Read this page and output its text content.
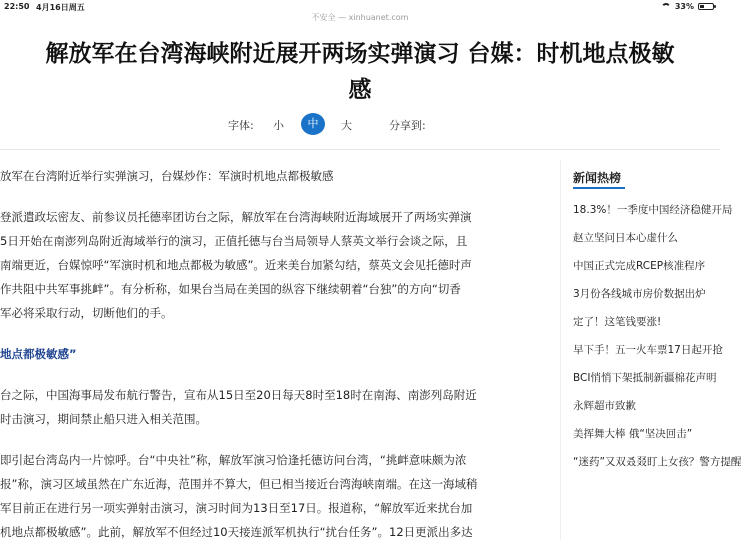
22:50 4月16日周五	33%
不安全 — xinhuanet.com
解放军在台湾海峡附近展开两场实弹演习 台媒：时机地点极敏
感
字体: 小	中	大	分享到:
放军在台湾附近举行实弹演习，台媒炒作：军演时机地点都极敏感
登派遣政坛密友、前参议员托德率团访台之际，解放军在台湾海峡附近海域展开了两场实弹演
5日开始在南澎列岛附近海域举行的演习，正值托德与台当局领导人蔡英文举行会谈之际，且
南端更近，台媒惊呼“军演时机和地点都极为敏感”。近来美台加紧勾结，蔡英文会见托德时声
作共阻中共军事挑衅”。有分析称，如果台当局在美国的纵容下继续朝着“台独”的方向“切香
军必将采取行动，切断他们的手。
地点都极敏感”
台之际，中国海事局发布航行警告，宣布从15日至20日每天8时至18时在南海、南澎列岛附近
时击演习，期间禁止船只进入相关范围。
即引起台湾岛内一片惊呼。台“中央社”称，解放军演习恰逢托德访问台湾，“挑衅意味颇为浓
报”称，演习区域虽然在广东近海，范围并不算大，但已相当接近台湾海峡南端。在这一海域稍
军目前正在进行另一项实弹射击演习，演习时间为13日至17日。报道称，“解放军近来扰台加
机地点都极敏感”。此前，解放军不但经过10天接连派军机执行“扰台任务”。12日更派出多达
新闻热榜
18.3%！一季度中国经济稳健开局
赵立坚问日本心虚什么
中国正式完成RCEP核准程序
3月份各线城市房价数据出炉
定了！这笔钱要涨!
早下手！五一火车票17日起开抢
BCI悄悄下架抵制新疆棉花声明
永辉超市致歉
美挥舞大棒 俄“坚决回击”
“迷药”又双叒叕盯上女孩？警方提醒
